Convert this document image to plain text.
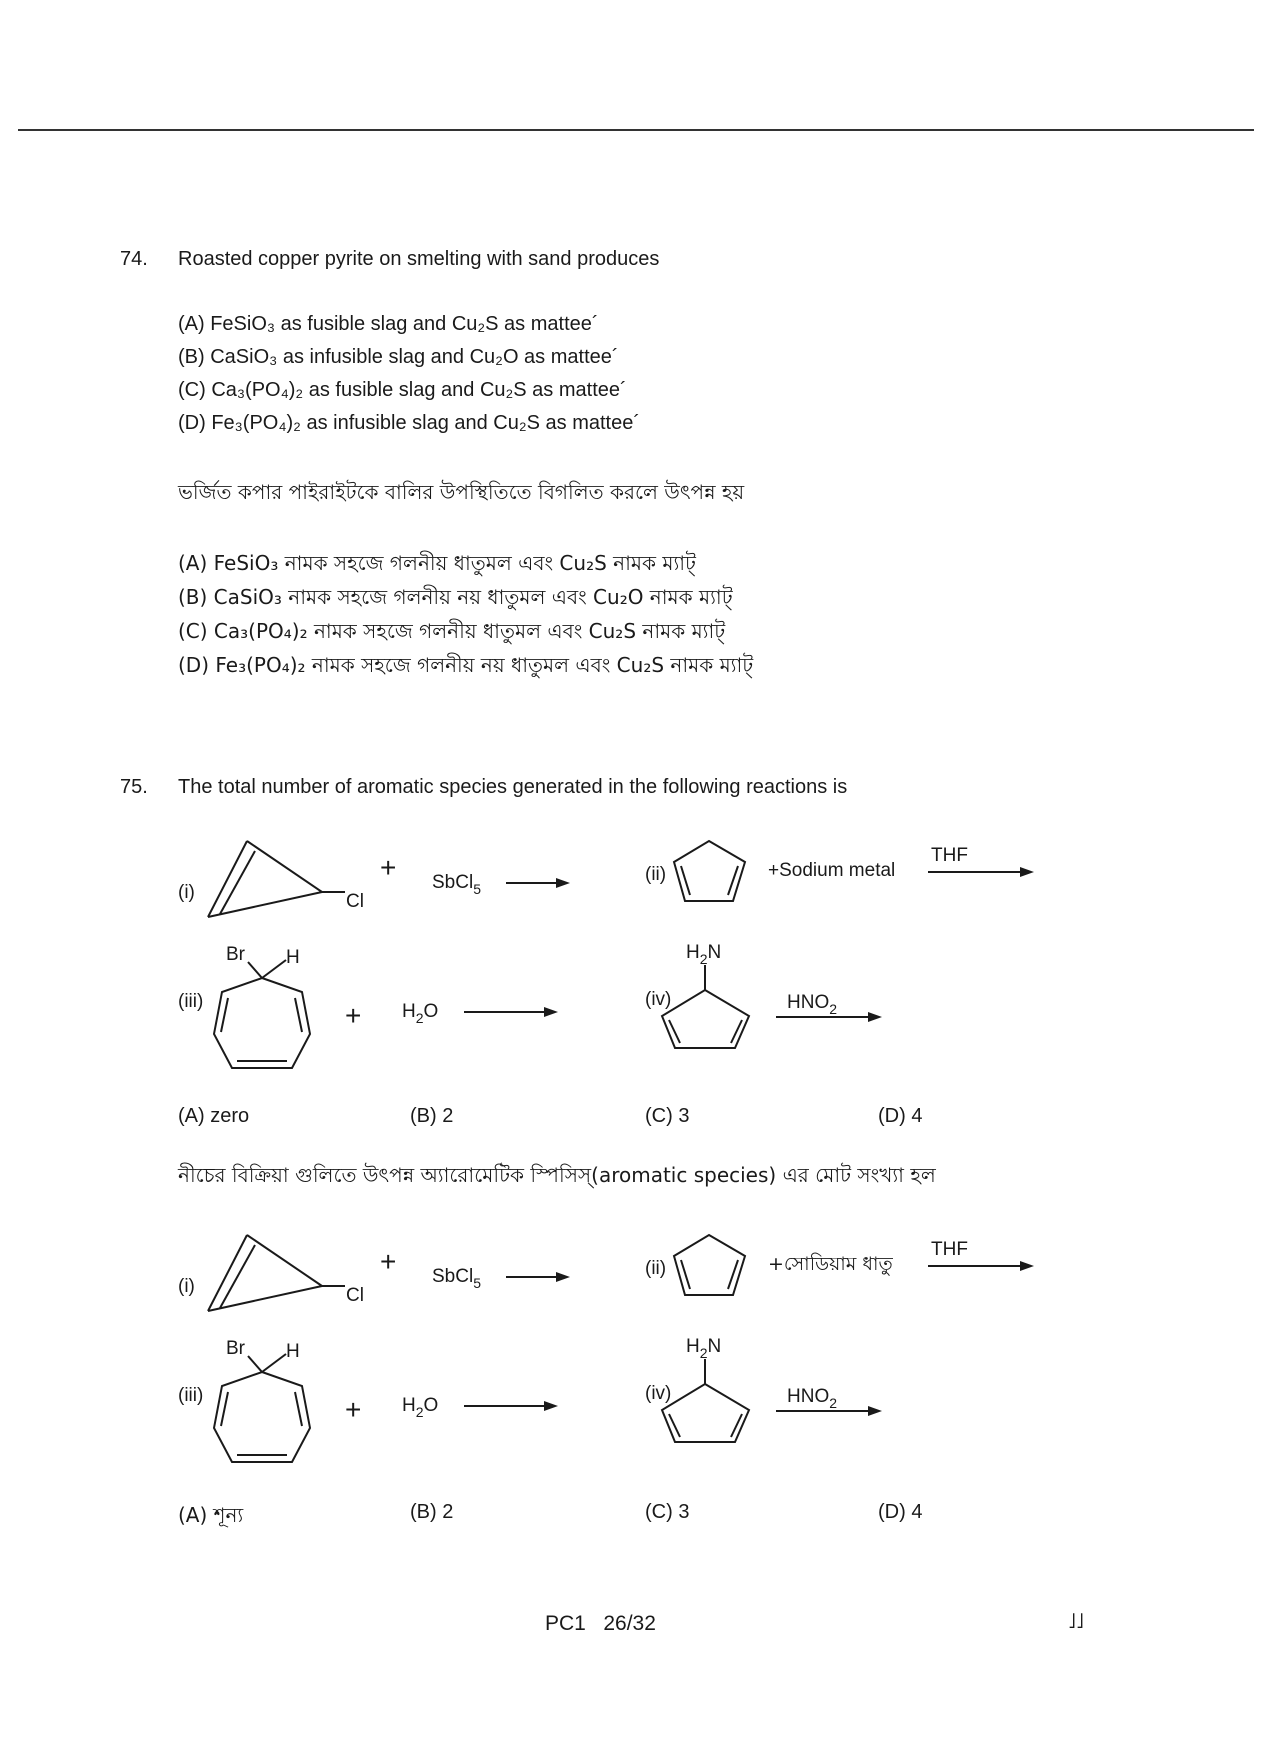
74. Roasted copper pyrite on smelting with sand produces
(A) FeSiO₃ as fusible slag and Cu₂S as mattee´
(B) CaSiO₃ as infusible slag and Cu₂O as mattee´
(C) Ca₃(PO₄)₂ as fusible slag and Cu₂S as mattee´
(D) Fe₃(PO₄)₂ as infusible slag and Cu₂S as mattee´
ভর্জিত কপার পাইরাইটকে বালির উপস্থিতিতে বিগলিত করলে উৎপন্ন হয়
(A) FeSiO₃ নামক সহজে গলনীয় ধাতুমল এবং Cu₂S নামক ম্যাট্‌
(B) CaSiO₃ নামক সহজে গলনীয় নয় ধাতুমল এবং Cu₂O নামক ম্যাট্‌
(C) Ca₃(PO₄)₂ নামক সহজে গলনীয় ধাতুমল এবং Cu₂S নামক ম্যাট্‌
(D) Fe₃(PO₄)₂ নামক সহজে গলনীয় নয় ধাতুমল এবং Cu₂S নামক ম্যাট্‌
75. The total number of aromatic species generated in the following reactions is
(i)	Cl
+ SbCl$_5$
(ii)	+Sodium metal
THF
Br H
(iii)	+ $H_2O$
$H_2N$
(iv)	$HNO_2$
(i)	Cl
+ SbCl$_5$
(ii)	+সোডিয়াম ধাতু
THF
Br H
(iii)	+ $H_2O$
$H_2N$
(iv)	$HNO_2$
(A) zero	(B) 2	(C) 3	(D) 4
নীচের বিক্রিয়া গুলিতে উৎপন্ন অ্যারোমেটিক স্পিসিস্‌(aromatic species) এর মোট সংখ্যা হল
(A) শূন্য	(B) 2	(C) 3	(D) 4
PC1   26/32	˩˩
